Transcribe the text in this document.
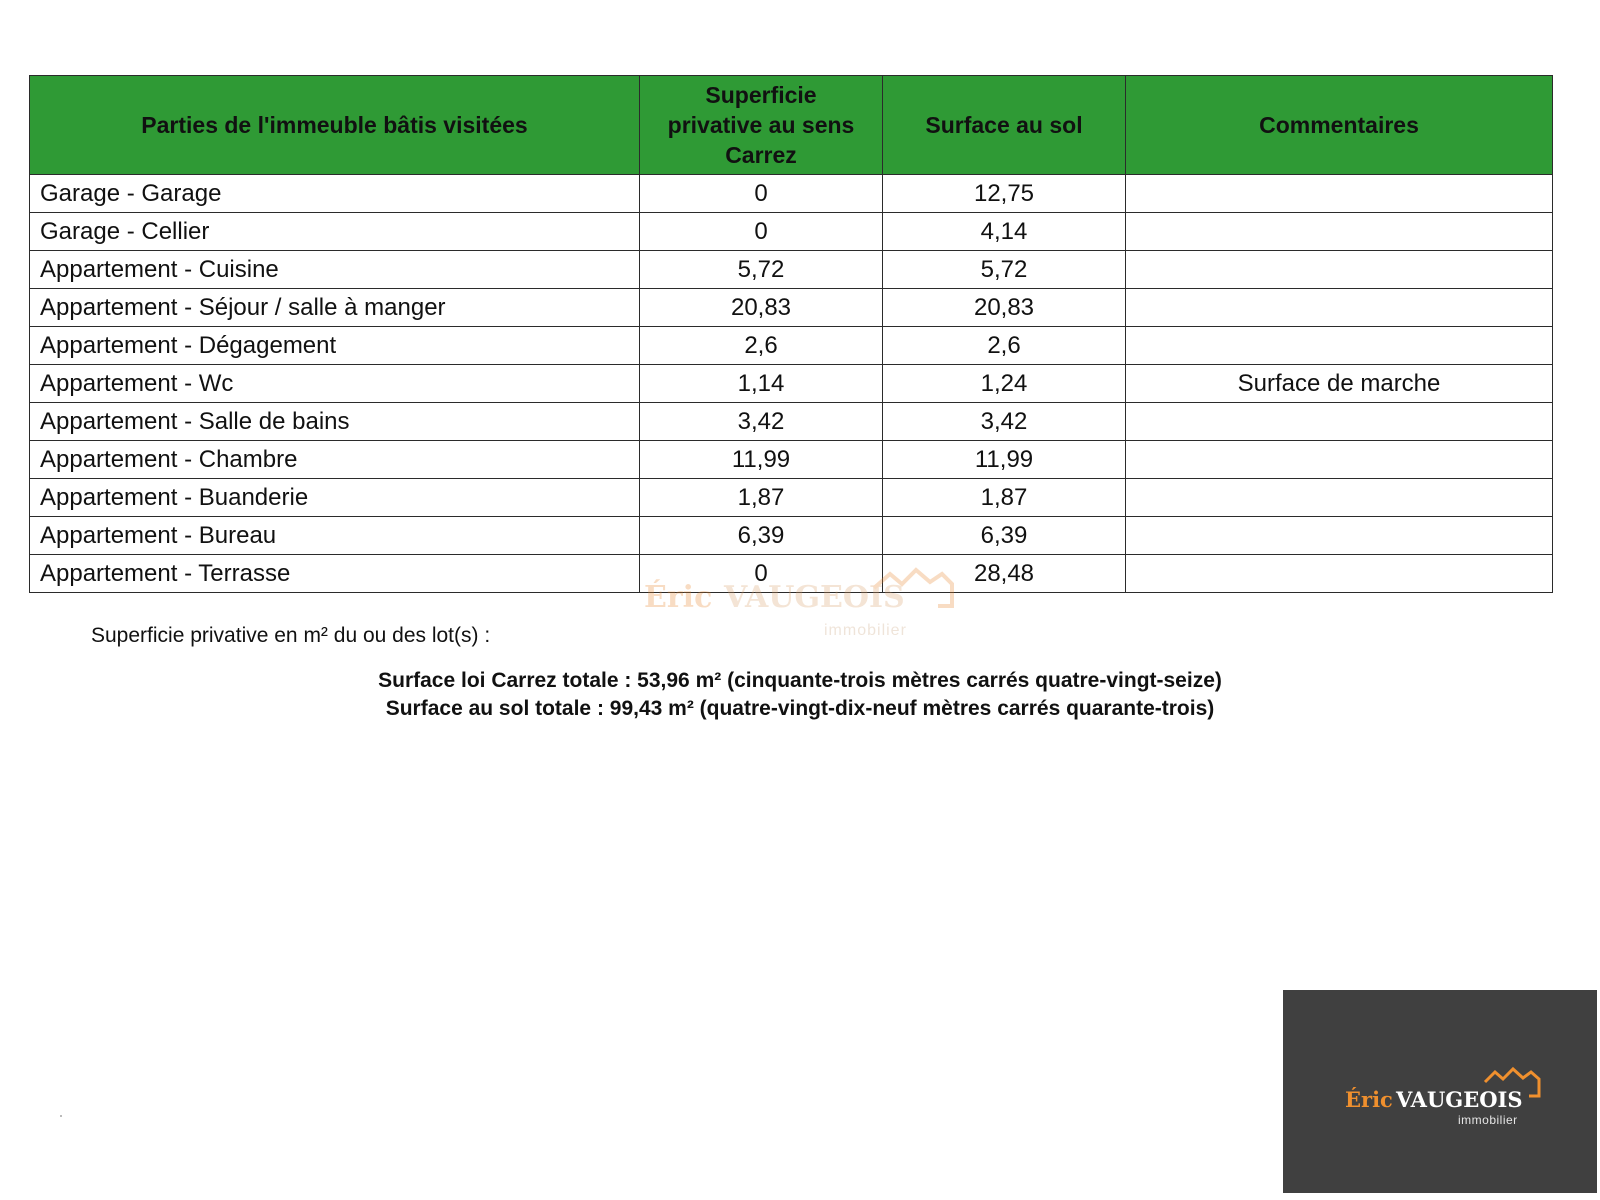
Parties de l'immeuble bâtis visitées	Superficie
privative au sens
Carrez	Surface au sol	Commentaires
Garage - Garage	0	12,75	
Garage - Cellier	0	4,14	
Appartement - Cuisine	5,72	5,72	
Appartement - Séjour / salle à manger	20,83	20,83	
Appartement - Dégagement	2,6	2,6	
Appartement - Wc	1,14	1,24	Surface de marche
Appartement - Salle de bains	3,42	3,42	
Appartement - Chambre	11,99	11,99	
Appartement - Buanderie	1,87	1,87	
Appartement - Bureau	6,39	6,39	
Appartement - Terrasse	0	28,48	
Éric VAUGEOIS
immobilier
Superficie privative en m² du ou des lot(s) :
Surface loi Carrez totale : 53,96 m² (cinquante-trois mètres carrés quatre-vingt-seize)
Surface au sol totale : 99,43 m² (quatre-vingt-dix-neuf mètres carrés quarante-trois)
Éric VAUGEOIS
immobilier
